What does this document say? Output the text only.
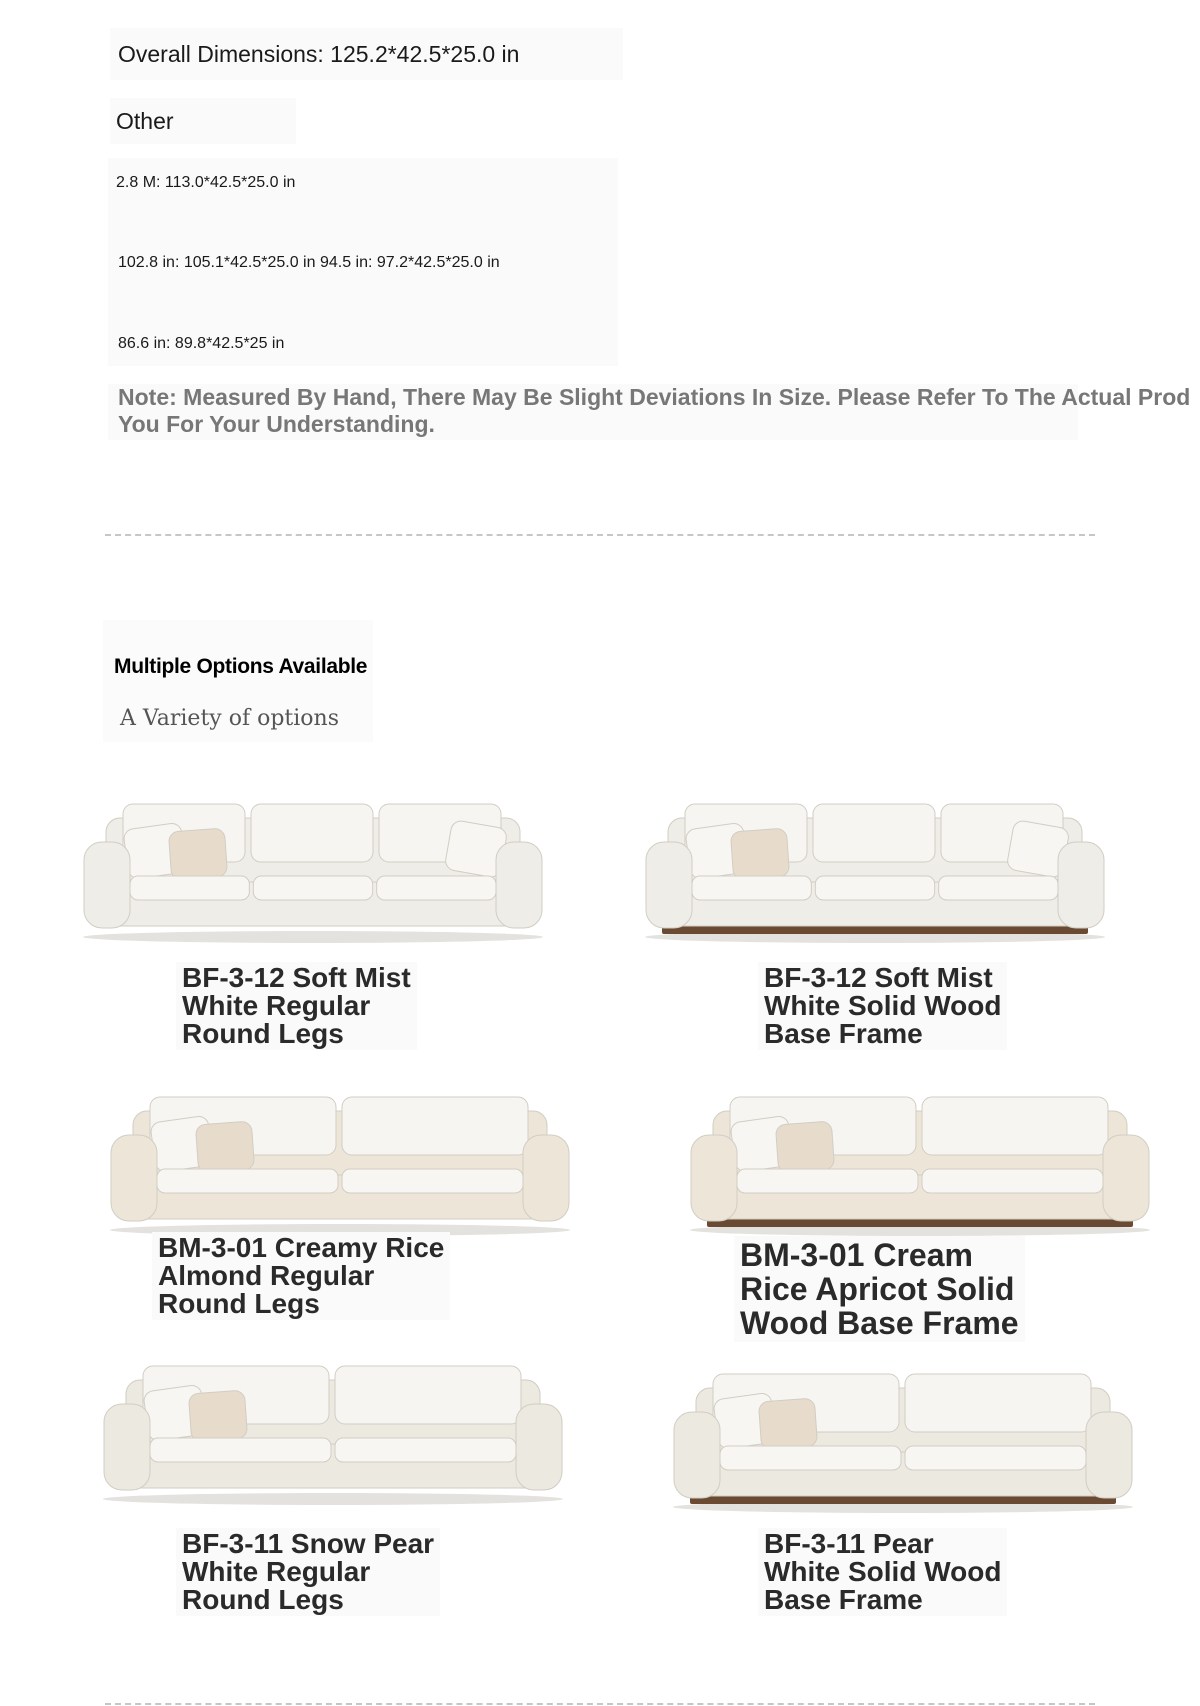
Overall Dimensions: 125.2*42.5*25.0 in
Other
2.8 M: 113.0*42.5*25.0 in
102.8 in: 105.1*42.5*25.0 in 94.5 in: 97.2*42.5*25.0 in
86.6 in: 89.8*42.5*25 in
Note: Measured By Hand, There May Be Slight Deviations In Size. Please Refer To The Actual Prod
You For Your Understanding.
Multiple Options Available
A Variety of options
BF-3-12 Soft Mist
White Regular
Round Legs
BF-3-12 Soft Mist
White Solid Wood
Base Frame
BM-3-01 Creamy Rice
Almond Regular
Round Legs
BM-3-01 Cream
Rice Apricot Solid
Wood Base Frame
BF-3-11 Snow Pear
White Regular
Round Legs
BF-3-11 Pear
White Solid Wood
Base Frame
